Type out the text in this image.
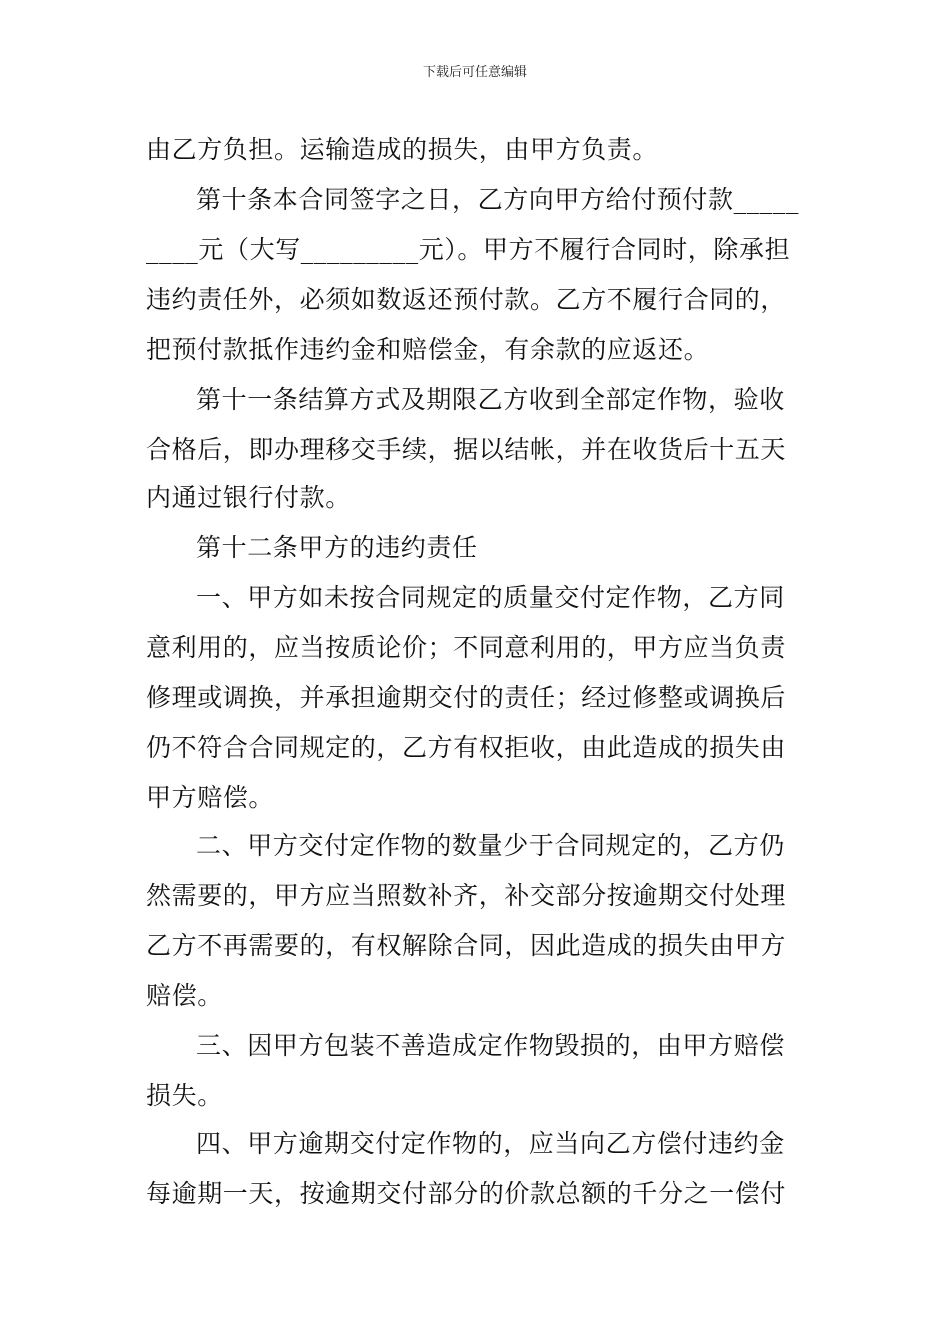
下载后可任意编辑
由乙方负担。运输造成的损失，由甲方负责。
第十条本合同签字之日，乙方向甲方给付预付款_____
____元（大写_________元）。甲方不履行合同时，除承担
违约责任外，必须如数返还预付款。乙方不履行合同的，
把预付款抵作违约金和赔偿金，有余款的应返还。
第十一条结算方式及期限乙方收到全部定作物，验收
合格后，即办理移交手续，据以结帐，并在收货后十五天
内通过银行付款。
第十二条甲方的违约责任
一、甲方如未按合同规定的质量交付定作物，乙方同
意利用的，应当按质论价；不同意利用的，甲方应当负责
修理或调换，并承担逾期交付的责任；经过修整或调换后
仍不符合合同规定的，乙方有权拒收，由此造成的损失由
甲方赔偿。
二、甲方交付定作物的数量少于合同规定的，乙方仍
然需要的，甲方应当照数补齐，补交部分按逾期交付处理
乙方不再需要的，有权解除合同，因此造成的损失由甲方
赔偿。
三、因甲方包装不善造成定作物毁损的，由甲方赔偿
损失。
四、甲方逾期交付定作物的，应当向乙方偿付违约金
每逾期一天，按逾期交付部分的价款总额的千分之一偿付
